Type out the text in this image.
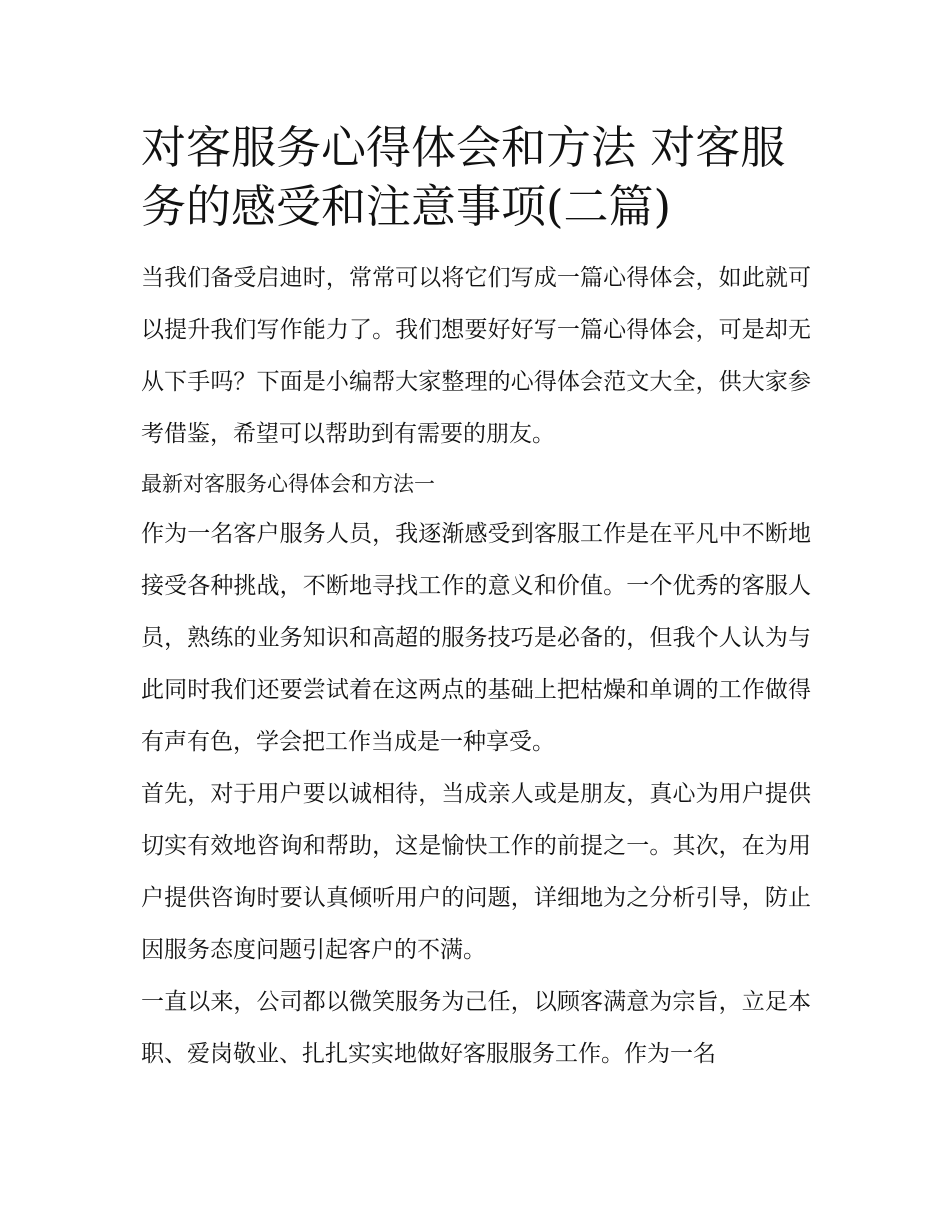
对客服务心得体会和方法 对客服务的感受和注意事项(二篇)

当我们备受启迪时，常常可以将它们写成一篇心得体会，如此就可以提升我们写作能力了。我们想要好好写一篇心得体会，可是却无从下手吗？下面是小编帮大家整理的心得体会范文大全，供大家参考借鉴，希望可以帮助到有需要的朋友。

最新对客服务心得体会和方法一

作为一名客户服务人员，我逐渐感受到客服工作是在平凡中不断地接受各种挑战，不断地寻找工作的意义和价值。一个优秀的客服人员，熟练的业务知识和高超的服务技巧是必备的，但我个人认为与此同时我们还要尝试着在这两点的基础上把枯燥和单调的工作做得有声有色，学会把工作当成是一种享受。

首先，对于用户要以诚相待，当成亲人或是朋友，真心为用户提供切实有效地咨询和帮助，这是愉快工作的前提之一。其次，在为用户提供咨询时要认真倾听用户的问题，详细地为之分析引导，防止因服务态度问题引起客户的不满。

一直以来，公司都以微笑服务为己任，以顾客满意为宗旨，立足本职、爱岗敬业、扎扎实实地做好客服服务工作。作为一名
